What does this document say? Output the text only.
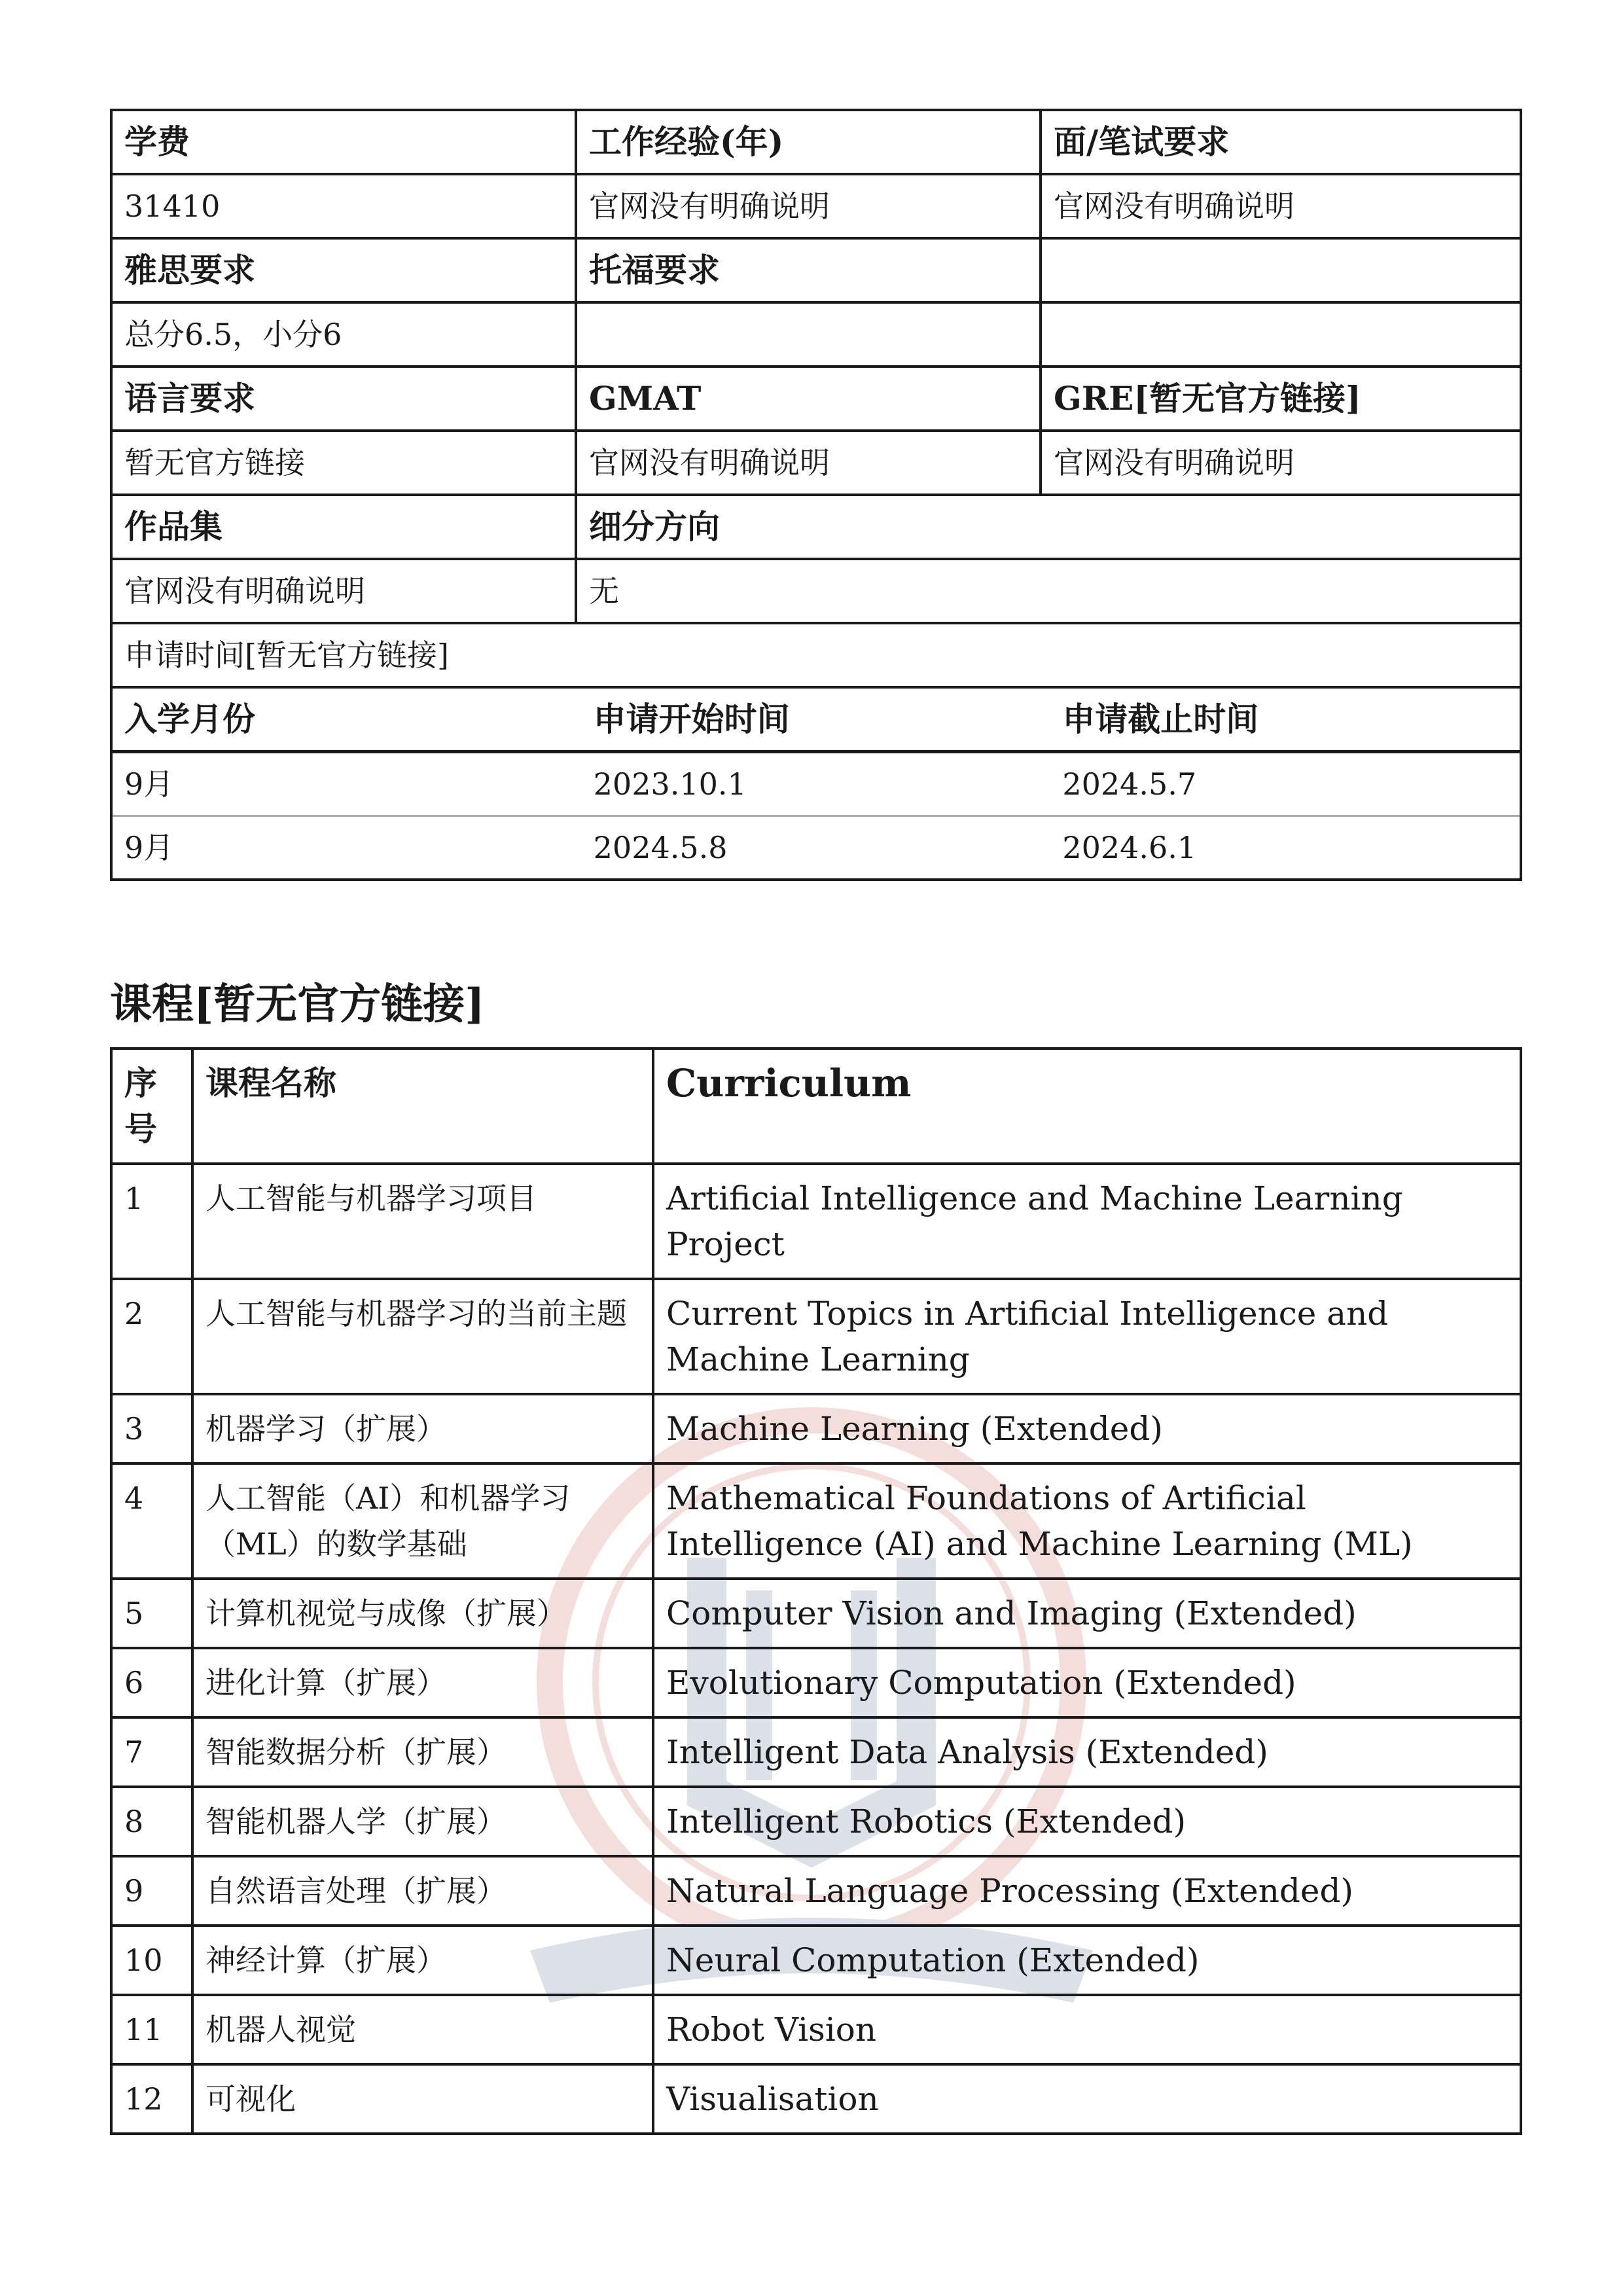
学费	工作经验(年)	面/笔试要求
31410	官网没有明确说明	官网没有明确说明
雅思要求	托福要求	
总分6.5，小分6		
语言要求	GMAT	GRE[暂无官方链接]
暂无官方链接	官网没有明确说明	官网没有明确说明
作品集	细分方向
官网没有明确说明	无
申请时间[暂无官方链接]

入学月份	申请开始时间	申请截止时间
9月	2023.10.1	2024.5.7
9月	2024.5.8	2024.6.1
课程[暂无官方链接]
序号	课程名称	Curriculum
1	人工智能与机器学习项目	Artificial Intelligence and Machine Learning Project
2	人工智能与机器学习的当前主题	Current Topics in Artificial Intelligence and Machine Learning
3	机器学习（扩展）	Machine Learning (Extended)
4	人工智能（AI）和机器学习（ML）的数学基础	Mathematical Foundations of Artificial Intelligence (AI) and Machine Learning (ML)
5	计算机视觉与成像（扩展）	Computer Vision and Imaging (Extended)
6	进化计算（扩展）	Evolutionary Computation (Extended)
7	智能数据分析（扩展）	Intelligent Data Analysis (Extended)
8	智能机器人学（扩展）	Intelligent Robotics (Extended)
9	自然语言处理（扩展）	Natural Language Processing (Extended)
10	神经计算（扩展）	Neural Computation (Extended)
11	机器人视觉	Robot Vision
12	可视化	Visualisation
